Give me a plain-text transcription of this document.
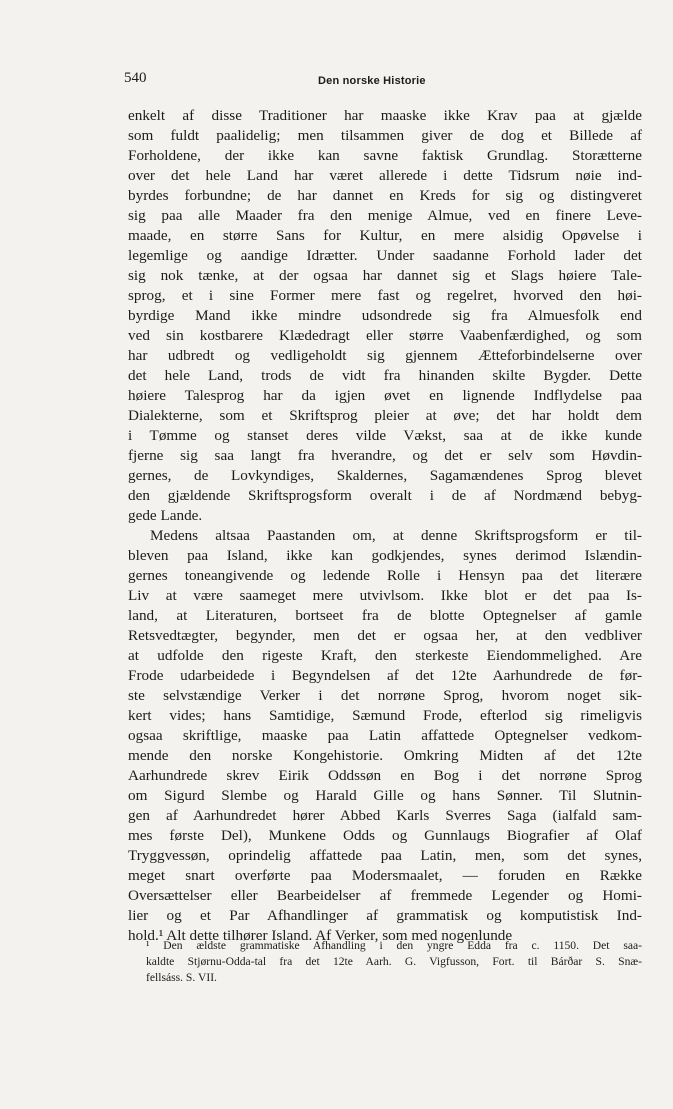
540	Den norske Historie
enkelt af disse Traditioner har maaske ikke Krav paa at gjælde
som fuldt paalidelig; men tilsammen giver de dog et Billede af
Forholdene, der ikke kan savne faktisk Grundlag. Storætterne
over det hele Land har været allerede i dette Tidsrum nøie ind-
byrdes forbundne; de har dannet en Kreds for sig og distingveret
sig paa alle Maader fra den menige Almue, ved en finere Leve-
maade, en større Sans for Kultur, en mere alsidig Opøvelse i
legemlige og aandige Idrætter. Under saadanne Forhold lader det
sig nok tænke, at der ogsaa har dannet sig et Slags høiere Tale-
sprog, et i sine Former mere fast og regelret, hvorved den høi-
byrdige Mand ikke mindre udsondrede sig fra Almuesfolk end
ved sin kostbarere Klædedragt eller større Vaabenfærdighed, og som
har udbredt og vedligeholdt sig gjennem Ætteforbindelserne over
det hele Land, trods de vidt fra hinanden skilte Bygder. Dette
høiere Talesprog har da igjen øvet en lignende Indflydelse paa
Dialekterne, som et Skriftsprog pleier at øve; det har holdt dem
i Tømme og stanset deres vilde Vækst, saa at de ikke kunde
fjerne sig saa langt fra hverandre, og det er selv som Høvdin-
gernes, de Lovkyndiges, Skaldernes, Sagamændenes Sprog blevet
den gjældende Skriftsprogsform overalt i de af Nordmænd bebyg-
gede Lande.
Medens altsaa Paastanden om, at denne Skriftsprogsform er til-
bleven paa Island, ikke kan godkjendes, synes derimod Islændin-
gernes toneangivende og ledende Rolle i Hensyn paa det literære
Liv at være saameget mere utvivlsom. Ikke blot er det paa Is-
land, at Literaturen, bortseet fra de blotte Optegnelser af gamle
Retsvedtægter, begynder, men det er ogsaa her, at den vedbliver
at udfolde den rigeste Kraft, den sterkeste Eiendommelighed. Are
Frode udarbeidede i Begyndelsen af det 12te Aarhundrede de før-
ste selvstændige Verker i det norrøne Sprog, hvorom noget sik-
kert vides; hans Samtidige, Sæmund Frode, efterlod sig rimeligvis
ogsaa skriftlige, maaske paa Latin affattede Optegnelser vedkom-
mende den norske Kongehistorie. Omkring Midten af det 12te
Aarhundrede skrev Eirik Oddssøn en Bog i det norrøne Sprog
om Sigurd Slembe og Harald Gille og hans Sønner. Til Slutnin-
gen af Aarhundredet hører Abbed Karls Sverres Saga (ialfald sam-
mes første Del), Munkene Odds og Gunnlaugs Biografier af Olaf
Tryggvessøn, oprindelig affattede paa Latin, men, som det synes,
meget snart overførte paa Modersmaalet, — foruden en Række
Oversættelser eller Bearbeidelser af fremmede Legender og Homi-
lier og et Par Afhandlinger af grammatisk og komputistisk Ind-
hold.¹ Alt dette tilhører Island. Af Verker, som med nogenlunde
¹ Den ældste grammatiske Afhandling i den yngre Edda fra c. 1150. Det saa-
kaldte Stjørnu-Odda-tal fra det 12te Aarh. G. Vigfusson, Fort. til Bárðar S. Snæ-
fellsáss. S. VII.
